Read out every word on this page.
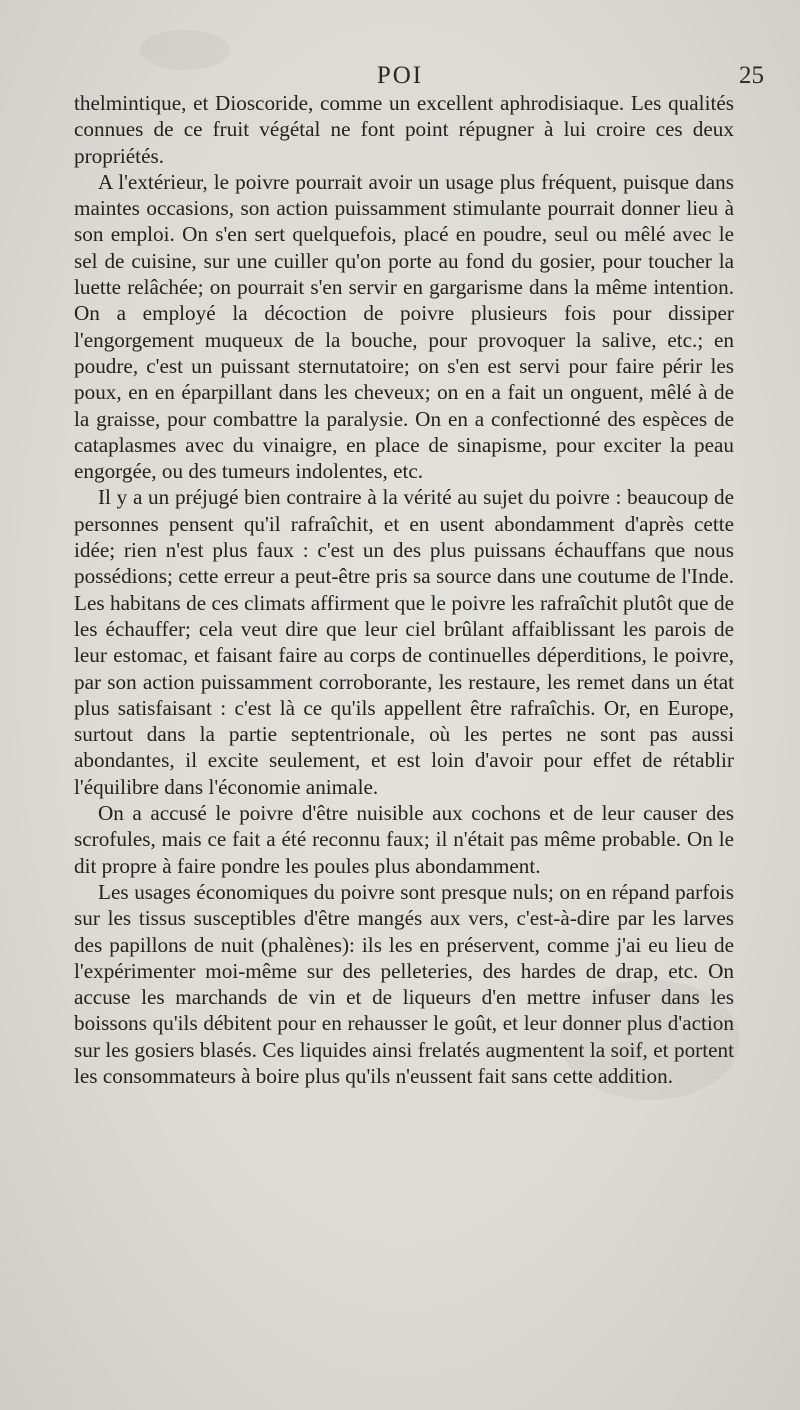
POI	25

thelmintique, et Dioscoride, comme un excellent aphrodisiaque. Les qualités connues de ce fruit végétal ne font point répugner à lui croire ces deux propriétés.

A l'extérieur, le poivre pourrait avoir un usage plus fréquent, puisque dans maintes occasions, son action puissamment stimulante pourrait donner lieu à son emploi. On s'en sert quelquefois, placé en poudre, seul ou mêlé avec le sel de cuisine, sur une cuiller qu'on porte au fond du gosier, pour toucher la luette relâchée; on pourrait s'en servir en gargarisme dans la même intention. On a employé la décoction de poivre plusieurs fois pour dissiper l'engorgement muqueux de la bouche, pour provoquer la salive, etc.; en poudre, c'est un puissant sternutatoire; on s'en est servi pour faire périr les poux, en en éparpillant dans les cheveux; on en a fait un onguent, mêlé à de la graisse, pour combattre la paralysie. On en a confectionné des espèces de cataplasmes avec du vinaigre, en place de sinapisme, pour exciter la peau engorgée, ou des tumeurs indolentes, etc.

Il y a un préjugé bien contraire à la vérité au sujet du poivre : beaucoup de personnes pensent qu'il rafraîchit, et en usent abondamment d'après cette idée; rien n'est plus faux : c'est un des plus puissans échauffans que nous possédions; cette erreur a peut-être pris sa source dans une coutume de l'Inde. Les habitans de ces climats affirment que le poivre les rafraîchit plutôt que de les échauffer; cela veut dire que leur ciel brûlant affaiblissant les parois de leur estomac, et faisant faire au corps de continuelles déperditions, le poivre, par son action puissamment corroborante, les restaure, les remet dans un état plus satisfaisant : c'est là ce qu'ils appellent être rafraîchis. Or, en Europe, surtout dans la partie septentrionale, où les pertes ne sont pas aussi abondantes, il excite seulement, et est loin d'avoir pour effet de rétablir l'équilibre dans l'économie animale.

On a accusé le poivre d'être nuisible aux cochons et de leur causer des scrofules, mais ce fait a été reconnu faux; il n'était pas même probable. On le dit propre à faire pondre les poules plus abondamment.

Les usages économiques du poivre sont presque nuls; on en répand parfois sur les tissus susceptibles d'être mangés aux vers, c'est-à-dire par les larves des papillons de nuit (phalènes): ils les en préservent, comme j'ai eu lieu de l'expérimenter moi-même sur des pelleteries, des hardes de drap, etc. On accuse les marchands de vin et de liqueurs d'en mettre infuser dans les boissons qu'ils débitent pour en rehausser le goût, et leur donner plus d'action sur les gosiers blasés. Ces liquides ainsi frelatés augmentent la soif, et portent les consommateurs à boire plus qu'ils n'eussent fait sans cette addition.
